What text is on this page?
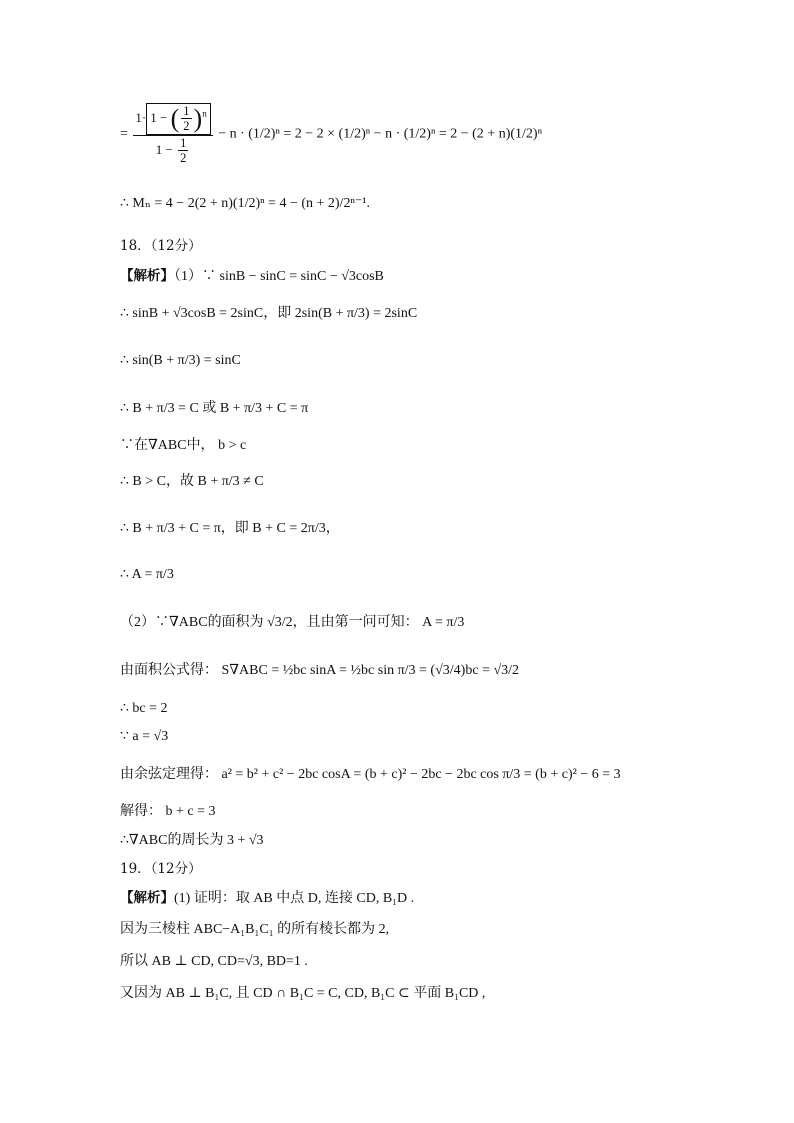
= $\frac{1\cdot 1 - ( \frac{1}{2} )^n}{1 - \frac{1}{2}} - n \cdot (1/2)^n = 2 - 2 \times (1/2)^n - n \cdot (1/2)^n = 2 - (2 + n)(1/2)^n$
∴ Mₙ = 4 − 2(2 + n)(1/2)ⁿ = 4 − (n + 2)/2ⁿ⁻¹.
18．（12分）
【解析】（1）∵ sinB − sinC = sinC − √3cosB
∴ sinB + √3cosB = 2sinC，即 2sin(B + π/3) = 2sinC
∴ sin(B + π/3) = sinC
∴ B + π/3 = C 或 B + π/3 + C = π
∵在∇ABC中， b > c
∴ B > C，故 B + π/3 ≠ C
∴ B + π/3 + C = π，即 B + C = 2π/3，
∴ A = π/3
（2）∵∇ABC的面积为 √3/2，且由第一问可知： A = π/3
由面积公式得： S∇ABC = ½bc sinA = ½bc sin π/3 = (√3/4)bc = √3/2
∴ bc = 2
∵ a = √3
由余弦定理得： a² = b² + c² − 2bc cosA = (b + c)² − 2bc − 2bc cos π/3 = (b + c)² − 6 = 3
解得： b + c = 3
∴∇ABC的周长为 3 + √3
19．（12分）
【解析】(1) 证明：取 AB 中点 D, 连接 CD, B₁D .
因为三棱柱 ABC−A₁B₁C₁ 的所有棱长都为 2,
所以 AB ⊥ CD, CD=√3, BD=1 .
又因为 AB ⊥ B₁C, 且 CD ∩ B₁C = C, CD, B₁C ⊂ 平面 B₁CD ,
